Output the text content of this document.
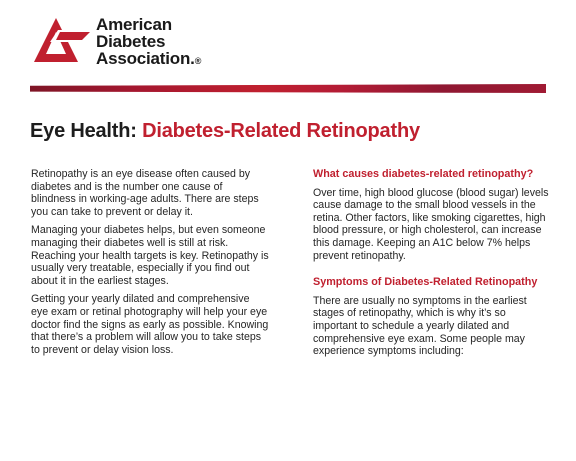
American
Diabetes
Association.®
Eye Health: Diabetes-Related Retinopathy

Retinopathy is an eye disease often caused by diabetes and is the number one cause of blindness in working-age adults. There are steps you can take to prevent or delay it.

Managing your diabetes helps, but even someone managing their diabetes well is still at risk. Reaching your health targets is key. Retinopathy is usually very treatable, especially if you find out about it in the earliest stages.

Getting your yearly dilated and comprehensive eye exam or retinal photography will help your eye doctor find the signs as early as possible. Knowing that there’s a problem will allow you to take steps to prevent or delay vision loss.

What causes diabetes-related retinopathy?

Over time, high blood glucose (blood sugar) levels cause damage to the small blood vessels in the retina. Other factors, like smoking cigarettes, high blood pressure, or high cholesterol, can increase this damage. Keeping an A1C below 7% helps prevent retinopathy.

Symptoms of Diabetes-Related Retinopathy

There are usually no symptoms in the earliest stages of retinopathy, which is why it’s so important to schedule a yearly dilated and comprehensive eye exam. Some people may experience symptoms including:
